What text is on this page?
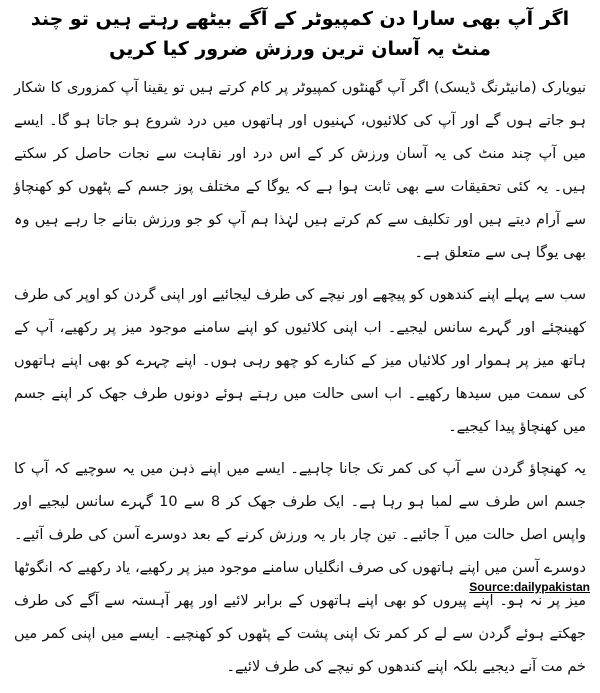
اگر آپ بھی سارا دن کمپیوٹر کے آگے بیٹھے رہتے ہیں تو چند منٹ یہ آسان ترین ورزش ضرور کیا کریں

نیویارک (مانیٹرنگ ڈیسک) اگر آپ گھنٹوں کمپیوٹر پر کام کرتے ہیں تو یقینا آپ کمزوری کا شکار ہو جاتے ہوں گے اور آپ کی کلائیوں، کہنیوں اور ہاتھوں میں درد شروع ہو جاتا ہو گا۔ ایسے میں آپ چند منٹ کی یہ آسان ورزش کر کے اس درد اور نقاہت سے نجات حاصل کر سکتے ہیں۔ یہ کئی تحقیقات سے بھی ثابت ہوا ہے کہ یوگا کے مختلف پوز جسم کے پٹھوں کو کھنچاؤ سے آرام دیتے ہیں اور تکلیف سے کم کرتے ہیں لہٰذا ہم آپ کو جو ورزش بتانے جا رہے ہیں وہ بھی یوگا ہی سے متعلق ہے۔

سب سے پہلے اپنے کندھوں کو پیچھے اور نیچے کی طرف لیجائیے اور اپنی گردن کو اوپر کی طرف کھینچئے اور گہرے سانس لیجیے۔ اب اپنی کلائیوں کو اپنے سامنے موجود میز پر رکھیے، آپ کے ہاتھ میز پر ہموار اور کلائیاں میز کے کنارے کو چھو رہی ہوں۔ اپنے چہرے کو بھی اپنے ہاتھوں کی سمت میں سیدھا رکھیے۔ اب اسی حالت میں رہتے ہوئے دونوں طرف جھک کر اپنے جسم میں کھنچاؤ پیدا کیجیے۔

یہ کھنچاؤ گردن سے آپ کی کمر تک جانا چاہیے۔ ایسے میں اپنے ذہن میں یہ سوچیے کہ آپ کا جسم اس طرف سے لمبا ہو رہا ہے۔ ایک طرف جھک کر 8 سے 10 گہرے سانس لیجیے اور واپس اصل حالت میں آ جائیے۔ تین چار بار یہ ورزش کرنے کے بعد دوسرے آسن کی طرف آئیے۔ دوسرے آسن میں اپنے ہاتھوں کی صرف انگلیاں سامنے موجود میز پر رکھیے، یاد رکھیے کہ انگوٹھا میز پر نہ ہو۔ اپنے پیروں کو بھی اپنے ہاتھوں کے برابر لائیے اور پھر آہستہ سے آگے کی طرف جھکتے ہوئے گردن سے لے کر کمر تک اپنی پشت کے پٹھوں کو کھنچیے۔ ایسے میں اپنی کمر میں خم مت آنے دیجیے بلکہ اپنے کندھوں کو نیچے کی طرف لائیے۔

Source:dailypakistan
